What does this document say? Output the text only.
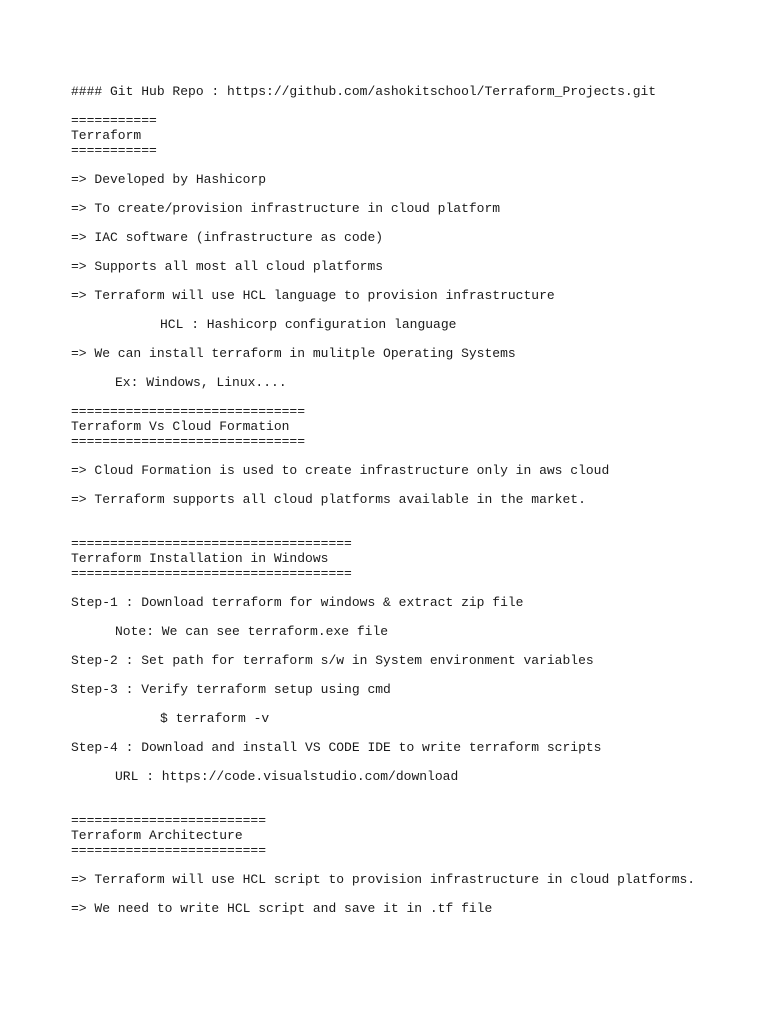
#### Git Hub Repo : https://github.com/ashokitschool/Terraform_Projects.git
===========
Terraform
===========
=> Developed by Hashicorp
=> To create/provision infrastructure in cloud platform
=> IAC software (infrastructure as code)
=> Supports all most all cloud platforms
=> Terraform will use HCL language to provision infrastructure
HCL : Hashicorp configuration language
=> We can install terraform in mulitple Operating Systems
Ex: Windows, Linux....
==============================
Terraform Vs Cloud Formation
==============================
=> Cloud Formation is used to create infrastructure only in aws cloud
=> Terraform supports all cloud platforms available in the market.
====================================
Terraform Installation in Windows
====================================
Step-1 : Download terraform for windows & extract zip file
Note: We can see terraform.exe file
Step-2 : Set path for terraform s/w in System environment variables
Step-3 : Verify terraform setup using cmd
$ terraform -v
Step-4 : Download and install VS CODE IDE to write terraform scripts
URL : https://code.visualstudio.com/download
=========================
Terraform Architecture
=========================
=> Terraform will use HCL script to provision infrastructure in cloud platforms.
=> We need to write HCL script and save it in .tf file
